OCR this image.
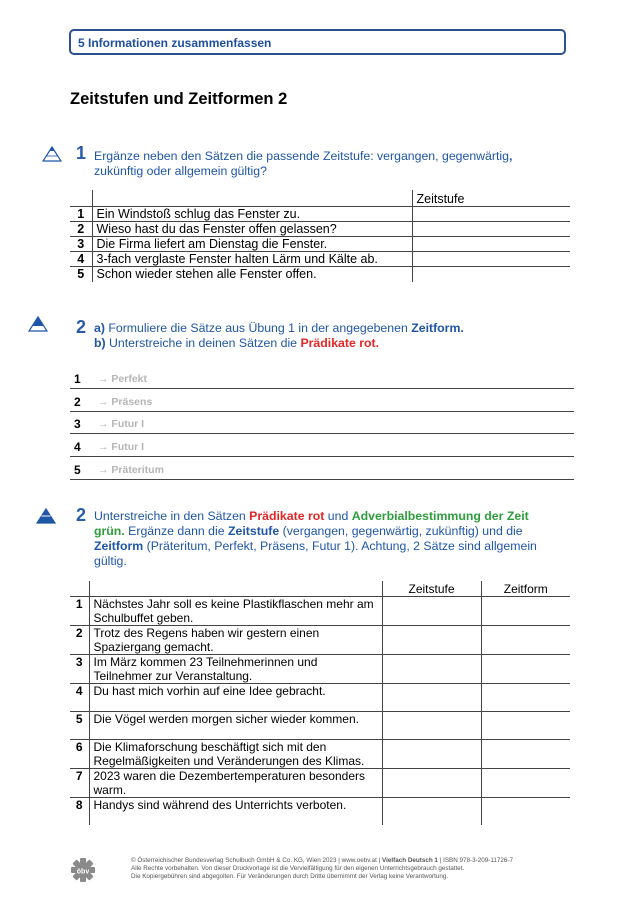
5 Informationen zusammenfassen
Zeitstufen und Zeitformen 2
1 Ergänze neben den Sätzen die passende Zeitstufe: vergangen, gegenwärtig,
zukünftig oder allgemein gültig?
		Zeitstufe
1	Ein Windstoß schlug das Fenster zu.	
2	Wieso hast du das Fenster offen gelassen?	
3	Die Firma liefert am Dienstag die Fenster.	
4	3-fach verglaste Fenster halten Lärm und Kälte ab.	
5	Schon wieder stehen alle Fenster offen.	
2 a) Formuliere die Sätze aus Übung 1 in der angegebenen Zeitform.
b) Unterstreiche in deinen Sätzen die Prädikate rot.
1 → Perfekt
2 → Präsens
3 → Futur I
4 → Futur I
5 → Präteritum
2 Unterstreiche in den Sätzen Prädikate rot und Adverbialbestimmung der Zeit
grün. Ergänze dann die Zeitstufe (vergangen, gegenwärtig, zukünftig) und die
Zeitform (Präteritum, Perfekt, Präsens, Futur 1). Achtung, 2 Sätze sind allgemein
gültig.
		Zeitstufe	Zeitform
1	Nächstes Jahr soll es keine Plastikflaschen mehr am
Schulbuffet geben.		
2	Trotz des Regens haben wir gestern einen
Spaziergang gemacht.		
3	Im März kommen 23 Teilnehmerinnen und
Teilnehmer zur Veranstaltung.		
4	Du hast mich vorhin auf eine Idee gebracht.		
5	Die Vögel werden morgen sicher wieder kommen.		
6	Die Klimaforschung beschäftigt sich mit den
Regelmäßigkeiten und Veränderungen des Klimas.		
7	2023 waren die Dezembertemperaturen besonders
warm.		
8	Handys sind während des Unterrichts verboten.		
öbv
© Österreichischer Bundesverlag Schulbuch GmbH & Co. KG, Wien 2023 | www.oebv.at | Vielfach Deutsch 1 | ISBN 978-3-209-11726-7
Alle Rechte vorbehalten. Von dieser Druckvorlage ist die Vervielfältigung für den eigenen Unterrichtsgebrauch gestattet.
Die Kopiergebühren sind abgegolten. Für Veränderungen durch Dritte übernimmt der Verlag keine Verantwortung.
